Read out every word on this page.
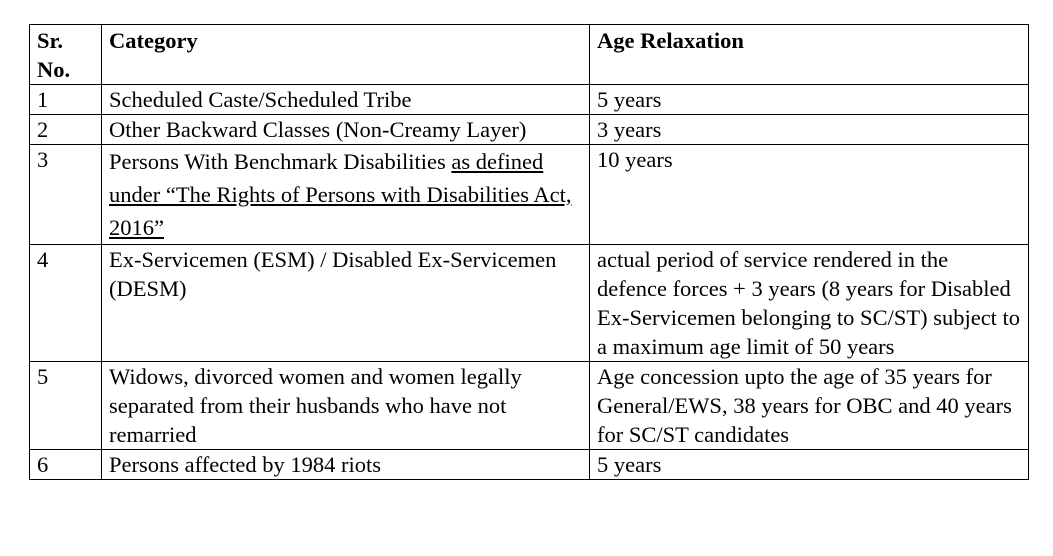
Sr. No.	Category	Age Relaxation
1	Scheduled Caste/Scheduled Tribe	5 years
2	Other Backward Classes (Non-Creamy Layer)	3 years
3	Persons With Benchmark Disabilities as defined under “The Rights of Persons with Disabilities Act, 2016”	10 years
4	Ex-Servicemen (ESM) / Disabled Ex-Servicemen (DESM)	actual period of service rendered in the defence forces + 3 years (8 years for Disabled Ex-Servicemen belonging to SC/ST) subject to a maximum age limit of 50 years
5	Widows, divorced women and women legally separated from their husbands who have not remarried	Age concession upto the age of 35 years for General/EWS, 38 years for OBC and 40 years for SC/ST candidates
6	Persons affected by 1984 riots	5 years
